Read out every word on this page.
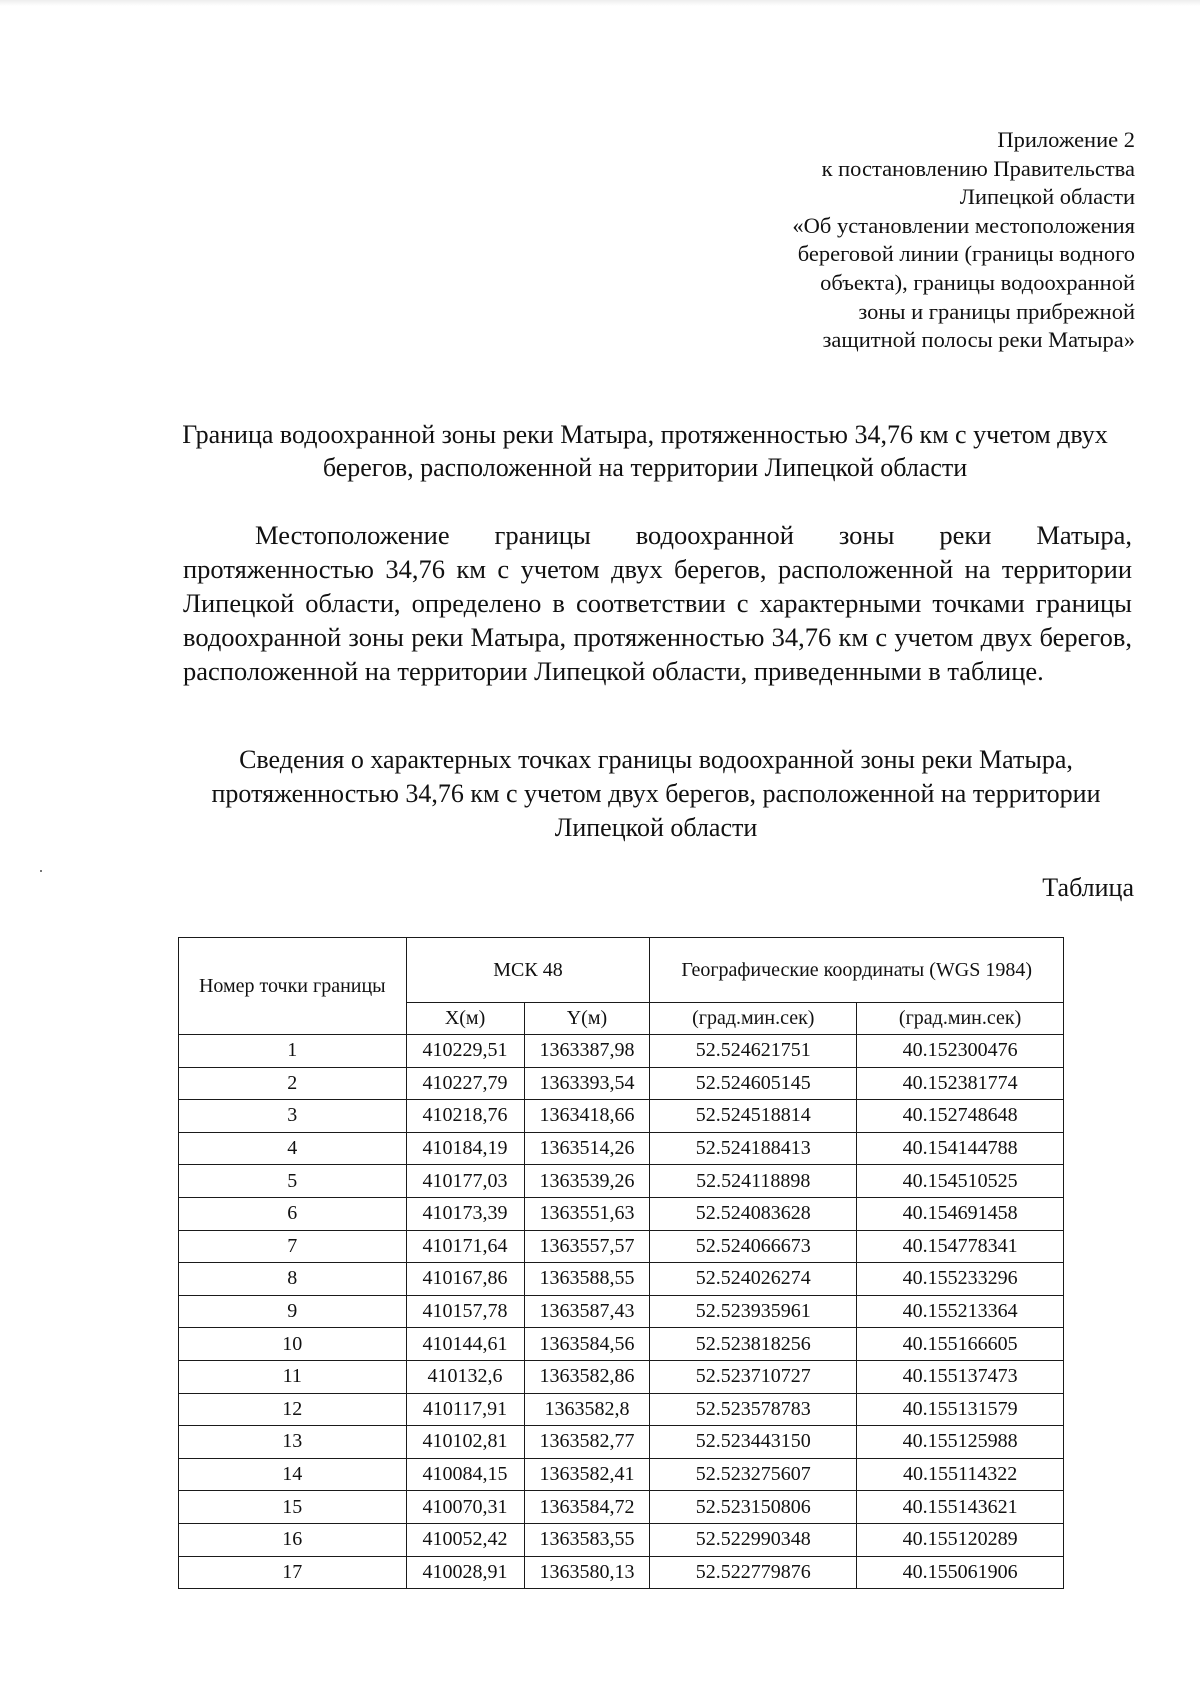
Приложение 2
к постановлению Правительства
Липецкой области
«Об установлении местоположения
береговой линии (границы водного
объекта), границы водоохранной
зоны и границы прибрежной
защитной полосы реки Матыра»
Граница водоохранной зоны реки Матыра, протяженностью 34,76 км с учетом двух берегов, расположенной на территории Липецкой области
Местоположение границы водоохранной зоны реки Матыра, протяженностью 34,76 км с учетом двух берегов, расположенной на территории Липецкой области, определено в соответствии с характерными точками границы водоохранной зоны реки Матыра, протяженностью 34,76 км с учетом двух берегов, расположенной на территории Липецкой области, приведенными в таблице.
Сведения о характерных точках границы водоохранной зоны реки Матыра, протяженностью 34,76 км с учетом двух берегов, расположенной на территории Липецкой области
Таблица
Номер точки границы	МСК 48		Географические координаты (WGS 1984)	
	X(м)	Y(м)	(град.мин.сек)	(град.мин.сек)
1	410229,51	1363387,98	52.524621751	40.152300476
2	410227,79	1363393,54	52.524605145	40.152381774
3	410218,76	1363418,66	52.524518814	40.152748648
4	410184,19	1363514,26	52.524188413	40.154144788
5	410177,03	1363539,26	52.524118898	40.154510525
6	410173,39	1363551,63	52.524083628	40.154691458
7	410171,64	1363557,57	52.524066673	40.154778341
8	410167,86	1363588,55	52.524026274	40.155233296
9	410157,78	1363587,43	52.523935961	40.155213364
10	410144,61	1363584,56	52.523818256	40.155166605
11	410132,6	1363582,86	52.523710727	40.155137473
12	410117,91	1363582,8	52.523578783	40.155131579
13	410102,81	1363582,77	52.523443150	40.155125988
14	410084,15	1363582,41	52.523275607	40.155114322
15	410070,31	1363584,72	52.523150806	40.155143621
16	410052,42	1363583,55	52.522990348	40.155120289
17	410028,91	1363580,13	52.522779876	40.155061906
